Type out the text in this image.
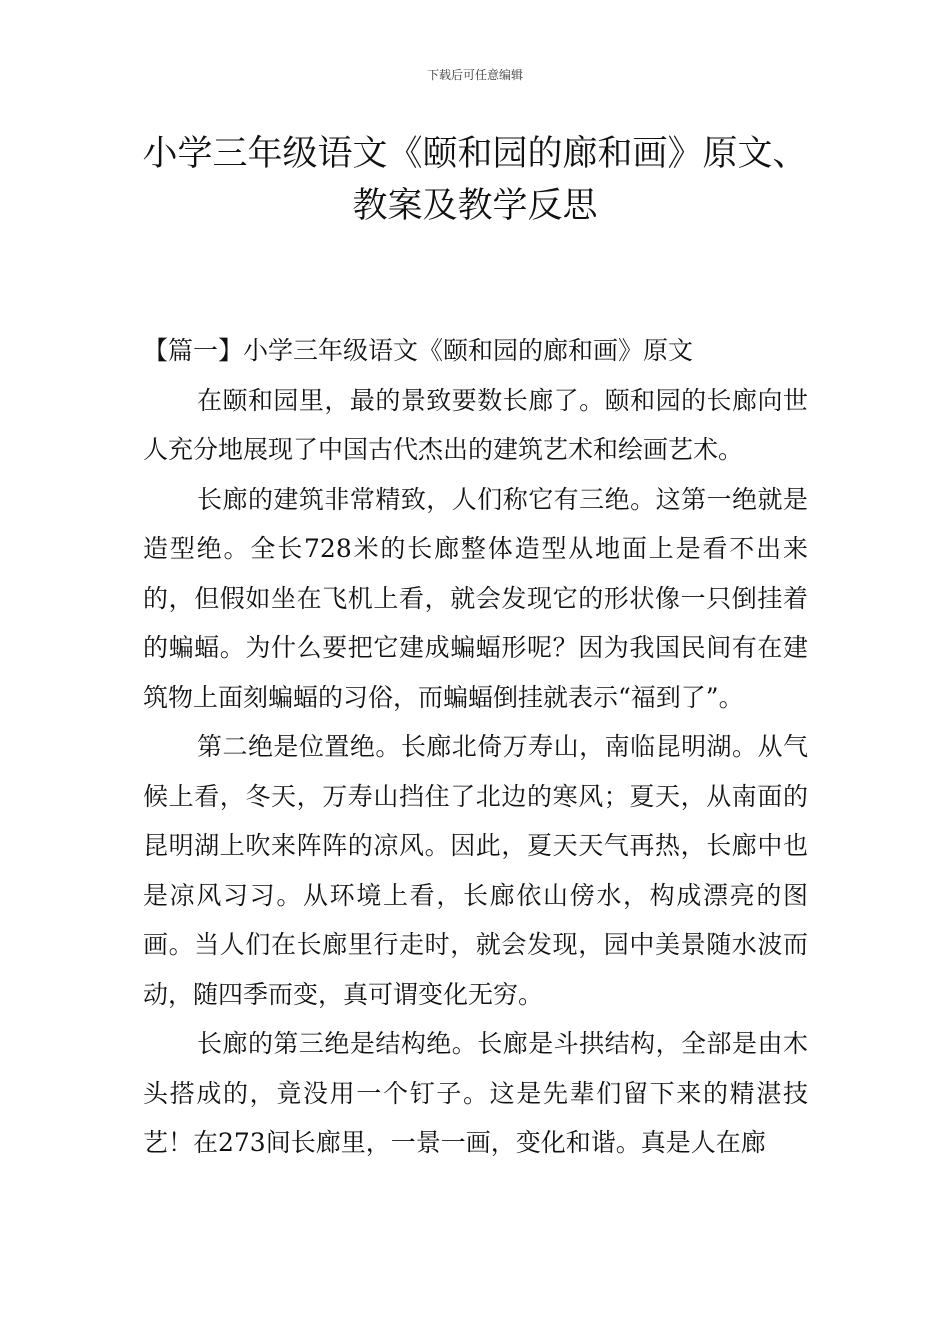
下载后可任意编辑
小学三年级语文《颐和园的廊和画》原文、
教案及教学反思

【篇一】小学三年级语文《颐和园的廊和画》原文

在颐和园里，最的景致要数长廊了。颐和园的长廊向世人充分地展现了中国古代杰出的建筑艺术和绘画艺术。

长廊的建筑非常精致，人们称它有三绝。这第一绝就是造型绝。全长728米的长廊整体造型从地面上是看不出来的，但假如坐在飞机上看，就会发现它的形状像一只倒挂着的蝙蝠。为什么要把它建成蝙蝠形呢？因为我国民间有在建筑物上面刻蝙蝠的习俗，而蝙蝠倒挂就表示“福到了”。

第二绝是位置绝。长廊北倚万寿山，南临昆明湖。从气候上看，冬天，万寿山挡住了北边的寒风；夏天，从南面的昆明湖上吹来阵阵的凉风。因此，夏天天气再热，长廊中也是凉风习习。从环境上看，长廊依山傍水，构成漂亮的图画。当人们在长廊里行走时，就会发现，园中美景随水波而动，随四季而变，真可谓变化无穷。

长廊的第三绝是结构绝。长廊是斗拱结构，全部是由木头搭成的，竟没用一个钉子。这是先辈们留下来的精湛技艺！在273间长廊里，一景一画，变化和谐。真是人在廊
